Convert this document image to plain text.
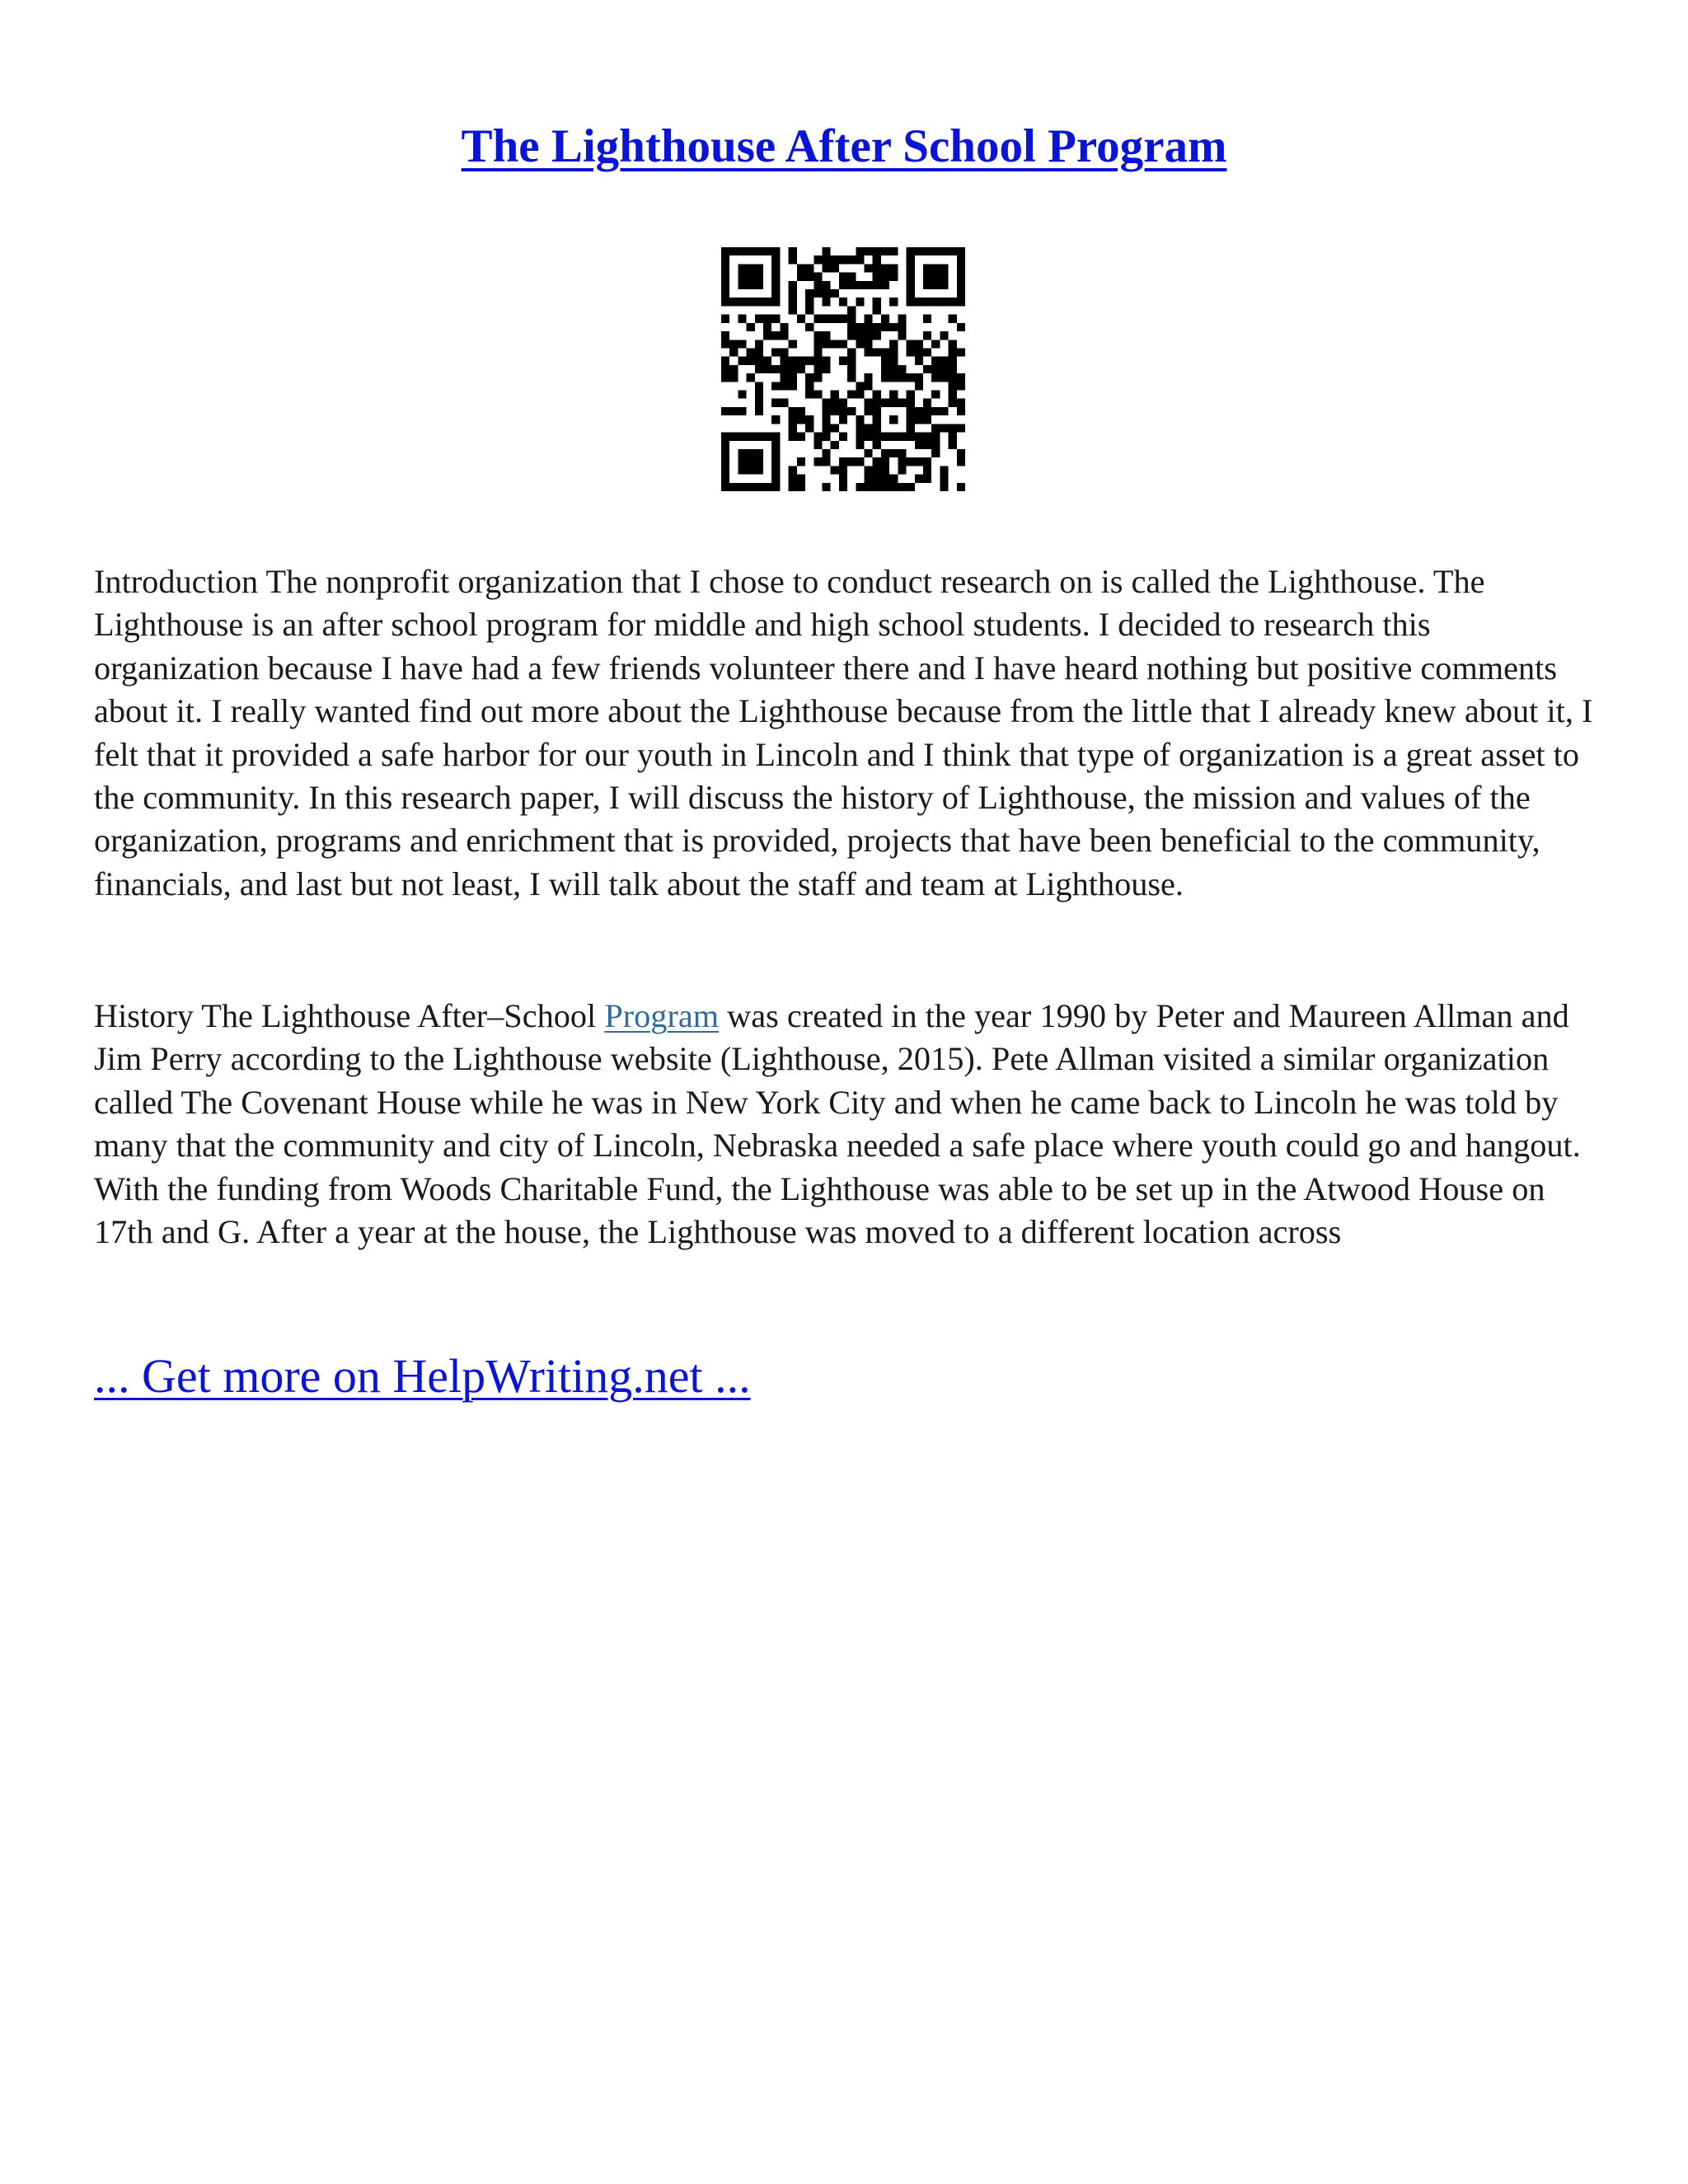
The Lighthouse After School Program

Introduction The nonprofit organization that I chose to conduct research on is called the Lighthouse. The Lighthouse is an after school program for middle and high school students. I decided to research this organization because I have had a few friends volunteer there and I have heard nothing but positive comments about it. I really wanted find out more about the Lighthouse because from the little that I already knew about it, I felt that it provided a safe harbor for our youth in Lincoln and I think that type of organization is a great asset to the community. In this research paper, I will discuss the history of Lighthouse, the mission and values of the organization, programs and enrichment that is provided, projects that have been beneficial to the community, financials, and last but not least, I will talk about the staff and team at Lighthouse.

History The Lighthouse After–School Program was created in the year 1990 by Peter and Maureen Allman and Jim Perry according to the Lighthouse website (Lighthouse, 2015). Pete Allman visited a similar organization called The Covenant House while he was in New York City and when he came back to Lincoln he was told by many that the community and city of Lincoln, Nebraska needed a safe place where youth could go and hangout. With the funding from Woods Charitable Fund, the Lighthouse was able to be set up in the Atwood House on 17th and G. After a year at the house, the Lighthouse was moved to a different location across

... Get more on HelpWriting.net ...
